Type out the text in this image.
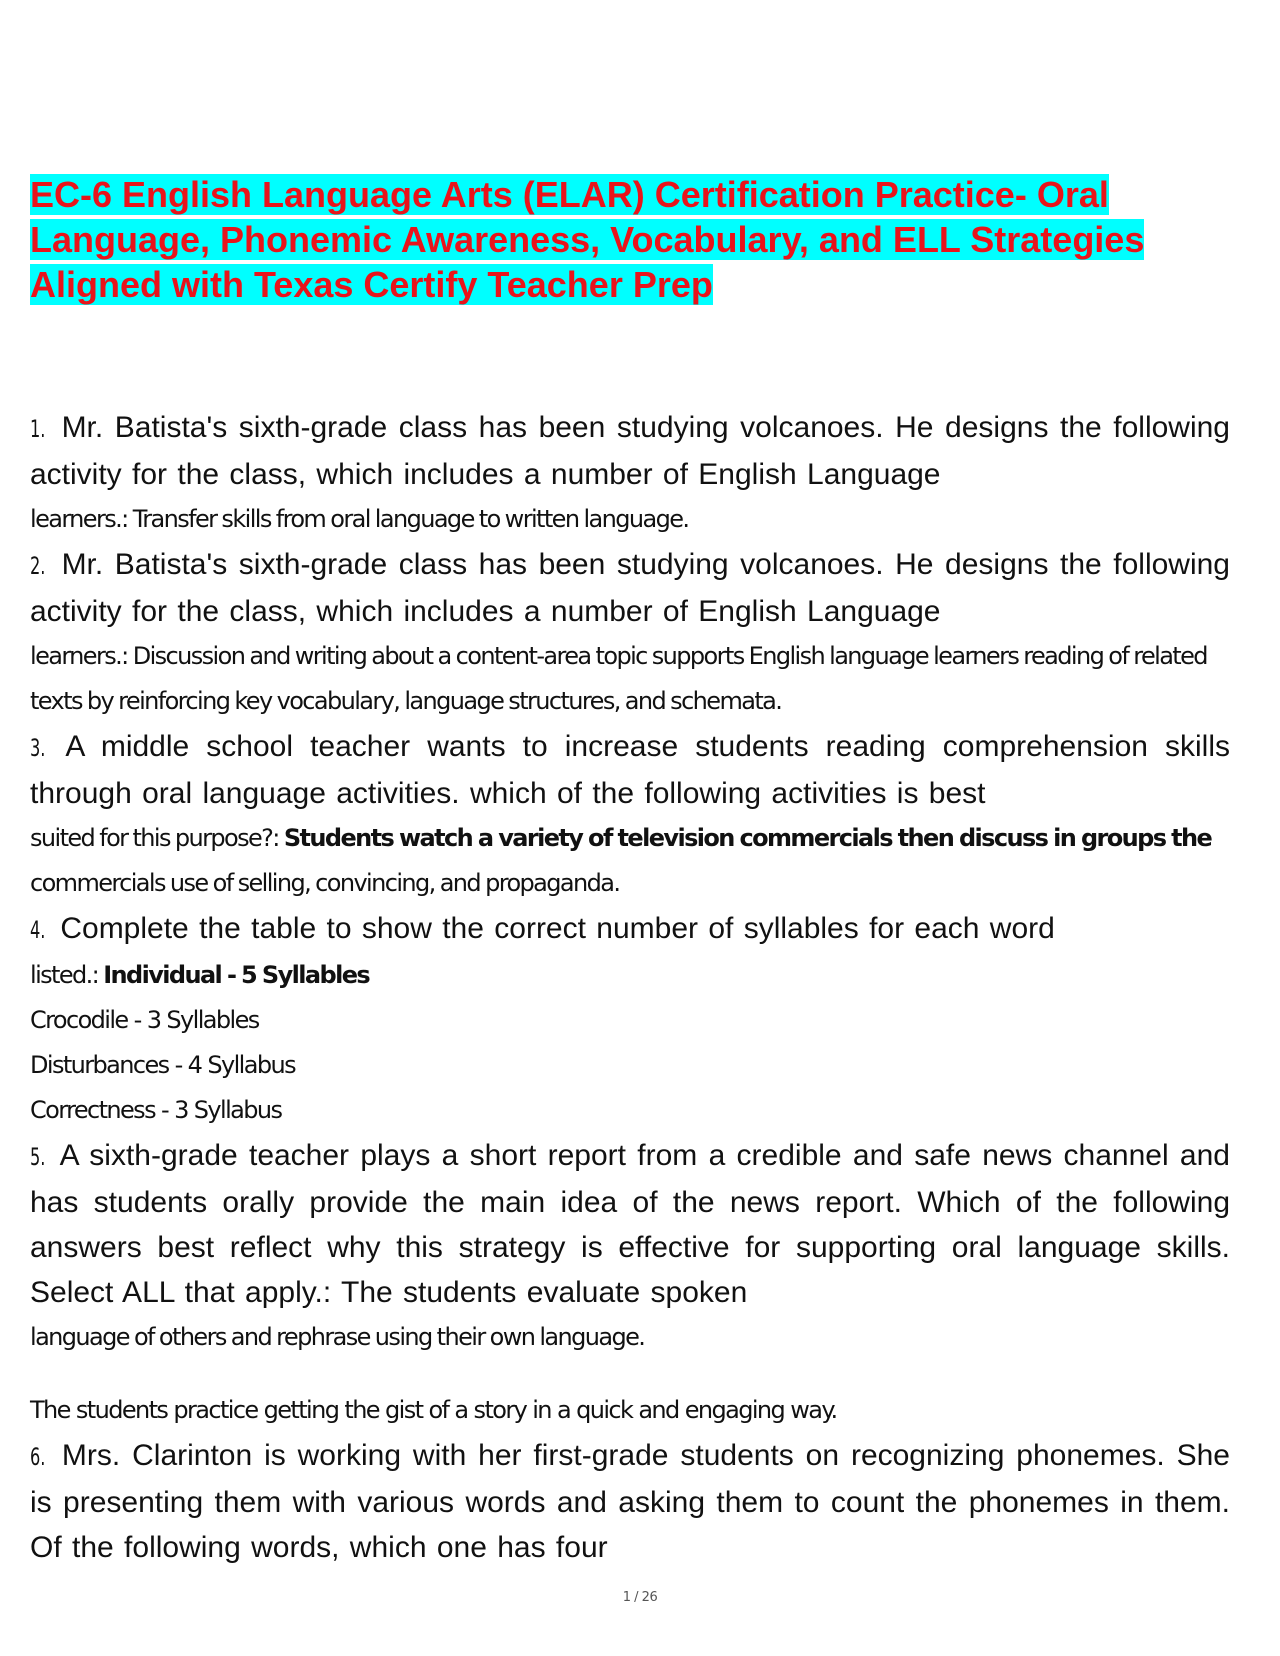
EC-6 English Language Arts (ELAR) Certification Practice- Oral Language, Phonemic Awareness, Vocabulary, and ELL Strategies Aligned with Texas Certify Teacher Prep
1. Mr. Batista's sixth-grade class has been studying volcanoes. He designs the following activity for the class, which includes a number of English Language
learners.: Transfer skills from oral language to written language.
2. Mr. Batista's sixth-grade class has been studying volcanoes. He designs the following activity for the class, which includes a number of English Language
learners.: Discussion and writing about a content-area topic supports English language learners reading of related texts by reinforcing key vocabulary, language structures, and schemata.
3. A middle school teacher wants to increase students reading comprehension skills through oral language activities. which of the following activities is best
suited for this purpose?: Students watch a variety of television commercials then discuss in groups the commercials use of selling, convincing, and propaganda.
4. Complete the table to show the correct number of syllables for each word
listed.: Individual - 5 Syllables

Crocodile - 3 Syllables

Disturbances - 4 Syllabus

Correctness - 3 Syllabus

5. A sixth-grade teacher plays a short report from a credible and safe news channel and has students orally provide the main idea of the news report. Which of the following answers best reflect why this strategy is effective for supporting oral language skills. Select ALL that apply.: The students evaluate spoken
language of others and rephrase using their own language.

The students practice getting the gist of a story in a quick and engaging way.

6. Mrs. Clarinton is working with her first-grade students on recognizing phonemes. She is presenting them with various words and asking them to count the phonemes in them. Of the following words, which one has four
1 / 26
